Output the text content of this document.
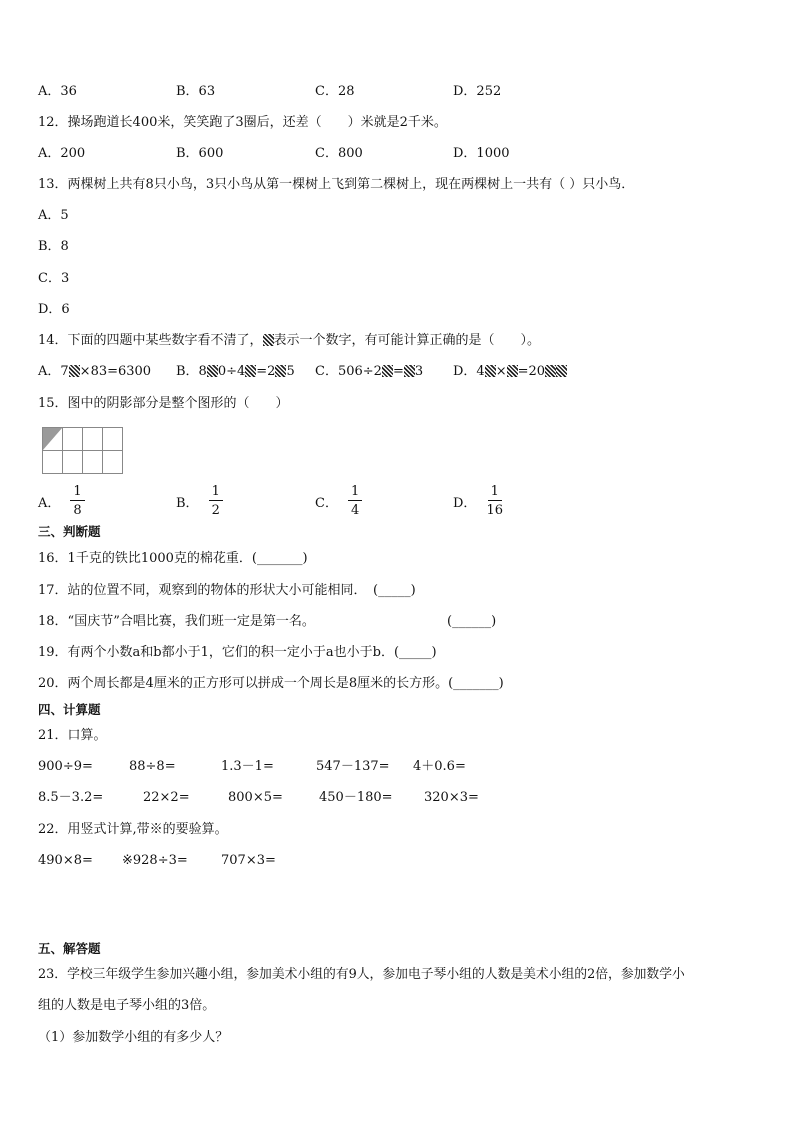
A．36	B．63	C．28	D．252
12．操场跑道长400米，笑笑跑了3圈后，还差（　　）米就是2千米。
A．200	B．600	C．800	D．1000
13．两棵树上共有8只小鸟，3只小鸟从第一棵树上飞到第二棵树上，现在两棵树上一共有（ ）只小鸟．
A．5
B．8
C．3
D．6
14．下面的四题中某些数字看不清了， 表示一个数字，有可能计算正确的是（　　）。
A．7 ×83=6300 B．8 0÷4 =2 5 C．506÷2 = 3 D．4 × =20
15．图中的阴影部分是整个图形的（　　）
A． $\frac{1}{8}$	B． $\frac{1}{2}$	C． $\frac{1}{4}$	D． $\frac{1}{16}$
三、判断题
16．1千克的铁比1000克的棉花重．(_______)
17．站的位置不同，观察到的物体的形状大小可能相同．　(_____)
18．“国庆节”合唱比赛，我们班一定是第一名。	(______)
19．有两个小数a和b都小于1，它们的积一定小于a也小于b．(_____)
20．两个周长都是4厘米的正方形可以拼成一个周长是8厘米的长方形。(_______)
四、计算题
21．口算。
900÷9=	88÷8=	1.3－1=	547－137= 4＋0.6=
8.5－3.2=	22×2=	800×5=	450－180= 320×3=
22．用竖式计算,带※的要验算。
490×8= ※928÷3=	707×3=
五、解答题
23．学校三年级学生参加兴趣小组，参加美术小组的有9人，参加电子琴小组的人数是美术小组的2倍，参加数学小
组的人数是电子琴小组的3倍。
（1）参加数学小组的有多少人？
